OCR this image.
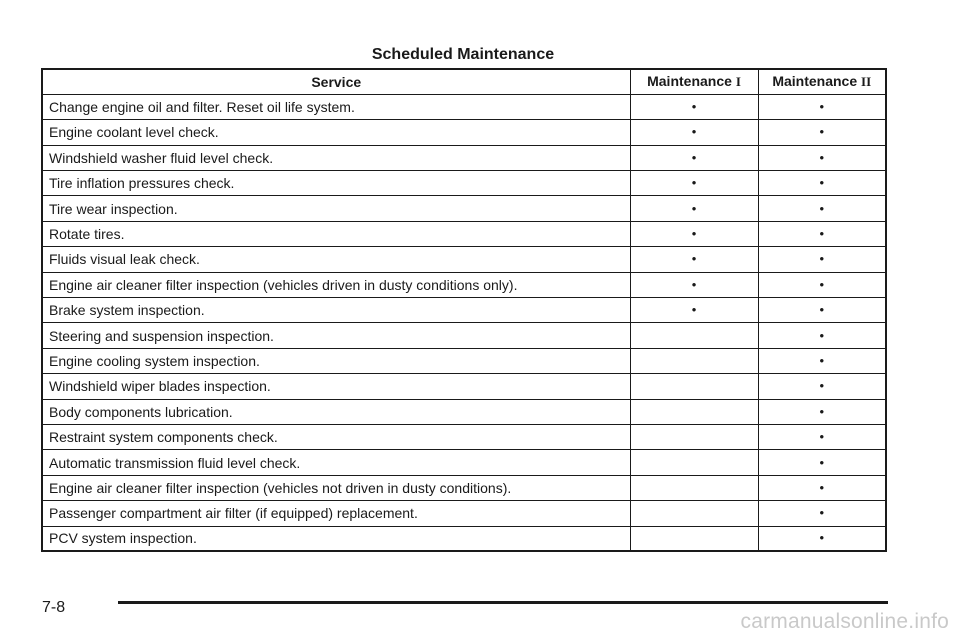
Scheduled Maintenance
Service	Maintenance I	Maintenance II
Change engine oil and filter. Reset oil life system.	•	•
Engine coolant level check.	•	•
Windshield washer fluid level check.	•	•
Tire inflation pressures check.	•	•
Tire wear inspection.	•	•
Rotate tires.	•	•
Fluids visual leak check.	•	•
Engine air cleaner filter inspection (vehicles driven in dusty conditions only).	•	•
Brake system inspection.	•	•
Steering and suspension inspection.		•
Engine cooling system inspection.		•
Windshield wiper blades inspection.		•
Body components lubrication.		•
Restraint system components check.		•
Automatic transmission fluid level check.		•
Engine air cleaner filter inspection (vehicles not driven in dusty conditions).		•
Passenger compartment air filter (if equipped) replacement.		•
PCV system inspection.		•
7-8
carmanualsonline.info
